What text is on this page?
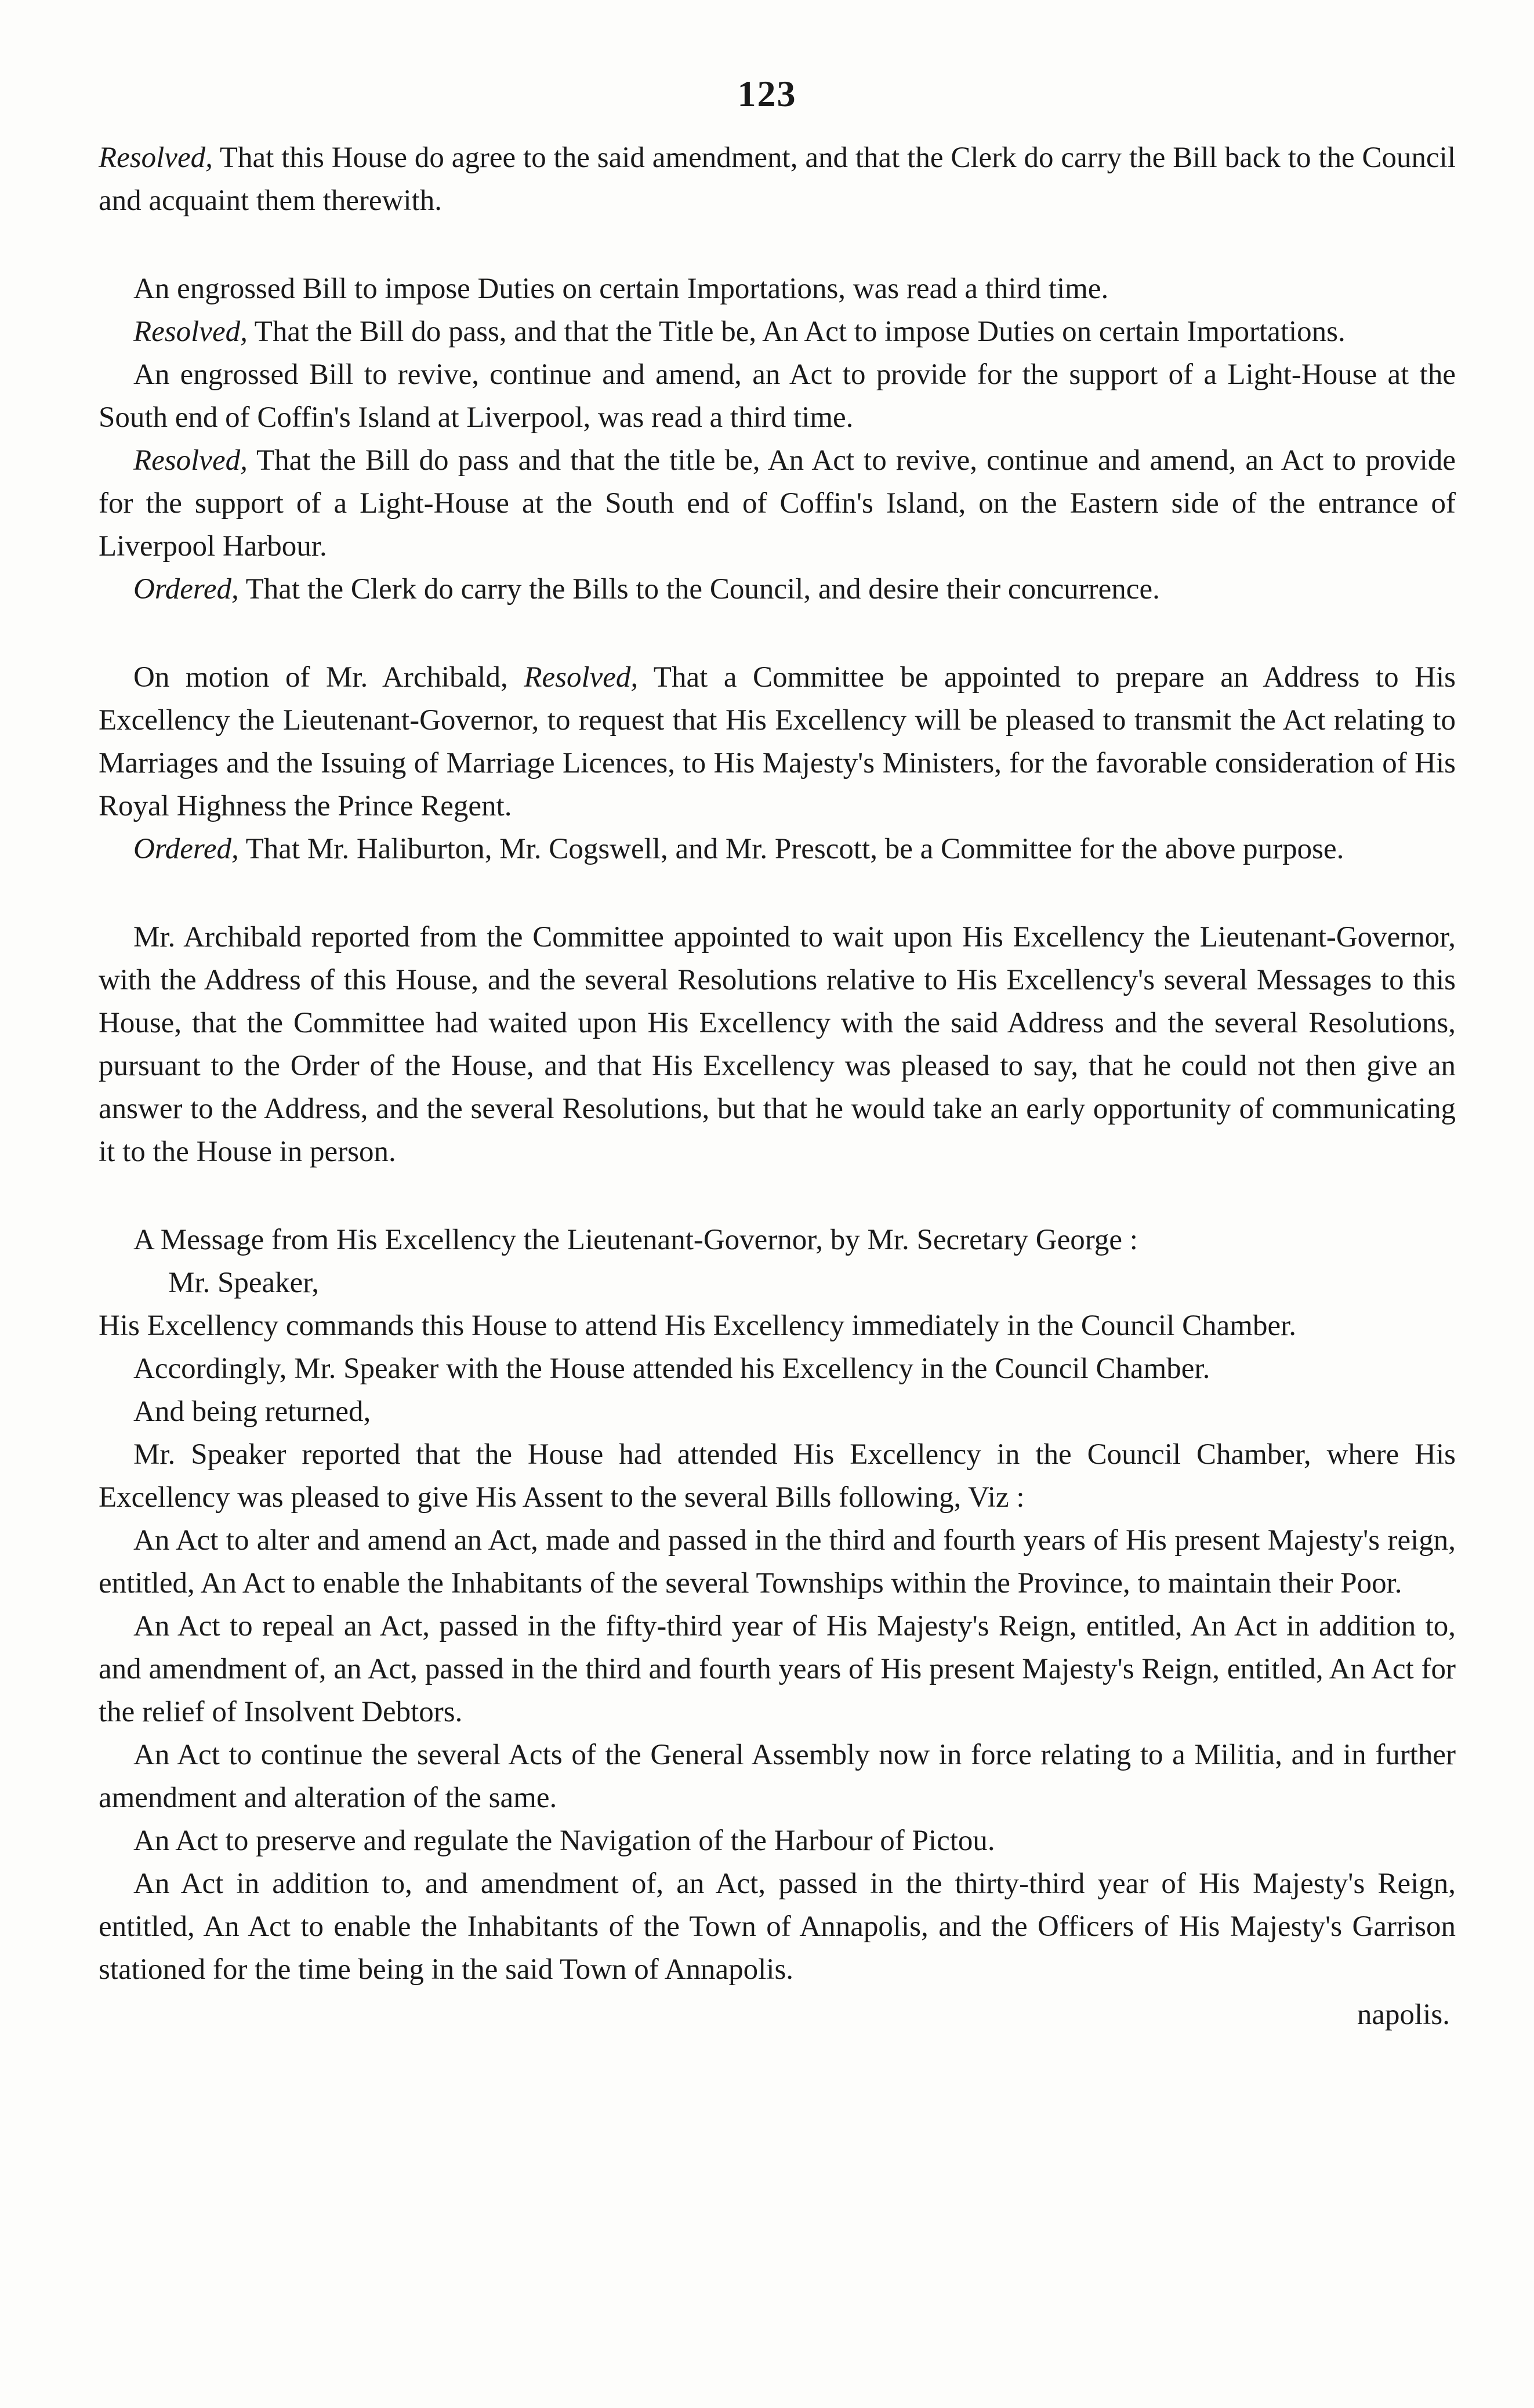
123

Resolved, That this House do agree to the said amendment, and that the Clerk do carry the Bill back to the Council and acquaint them therewith.

An engrossed Bill to impose Duties on certain Importations, was read a third time.

Resolved, That the Bill do pass, and that the Title be, An Act to impose Duties on certain Importations.

An engrossed Bill to revive, continue and amend, an Act to provide for the support of a Light-House at the South end of Coffin's Island at Liverpool, was read a third time.

Resolved, That the Bill do pass and that the title be, An Act to revive, continue and amend, an Act to provide for the support of a Light-House at the South end of Coffin's Island, on the Eastern side of the entrance of Liverpool Harbour.

Ordered, That the Clerk do carry the Bills to the Council, and desire their concurrence.

On motion of Mr. Archibald, Resolved, That a Committee be appointed to prepare an Address to His Excellency the Lieutenant-Governor, to request that His Excellency will be pleased to transmit the Act relating to Marriages and the Issuing of Marriage Licences, to His Majesty's Ministers, for the favorable consideration of His Royal Highness the Prince Regent.

Ordered, That Mr. Haliburton, Mr. Cogswell, and Mr. Prescott, be a Committee for the above purpose.

Mr. Archibald reported from the Committee appointed to wait upon His Excellency the Lieutenant-Governor, with the Address of this House, and the several Resolutions relative to His Excellency's several Messages to this House, that the Committee had waited upon His Excellency with the said Address and the several Resolutions, pursuant to the Order of the House, and that His Excellency was pleased to say, that he could not then give an answer to the Address, and the several Resolutions, but that he would take an early opportunity of communicating it to the House in person.

A Message from His Excellency the Lieutenant-Governor, by Mr. Secretary George :

Mr. Speaker,

His Excellency commands this House to attend His Excellency immediately in the Council Chamber.

Accordingly, Mr. Speaker with the House attended his Excellency in the Council Chamber.

And being returned,

Mr. Speaker reported that the House had attended His Excellency in the Council Chamber, where His Excellency was pleased to give His Assent to the several Bills following, Viz :

An Act to alter and amend an Act, made and passed in the third and fourth years of His present Majesty's reign, entitled, An Act to enable the Inhabitants of the several Townships within the Province, to maintain their Poor.

An Act to repeal an Act, passed in the fifty-third year of His Majesty's Reign, entitled, An Act in addition to, and amendment of, an Act, passed in the third and fourth years of His present Majesty's Reign, entitled, An Act for the relief of Insolvent Debtors.

An Act to continue the several Acts of the General Assembly now in force relating to a Militia, and in further amendment and alteration of the same.

An Act to preserve and regulate the Navigation of the Harbour of Pictou.

An Act in addition to, and amendment of, an Act, passed in the thirty-third year of His Majesty's Reign, entitled, An Act to enable the Inhabitants of the Town of Annapolis, and the Officers of His Majesty's Garrison stationed for the time being in the said Town of Annapolis.

napolis.
